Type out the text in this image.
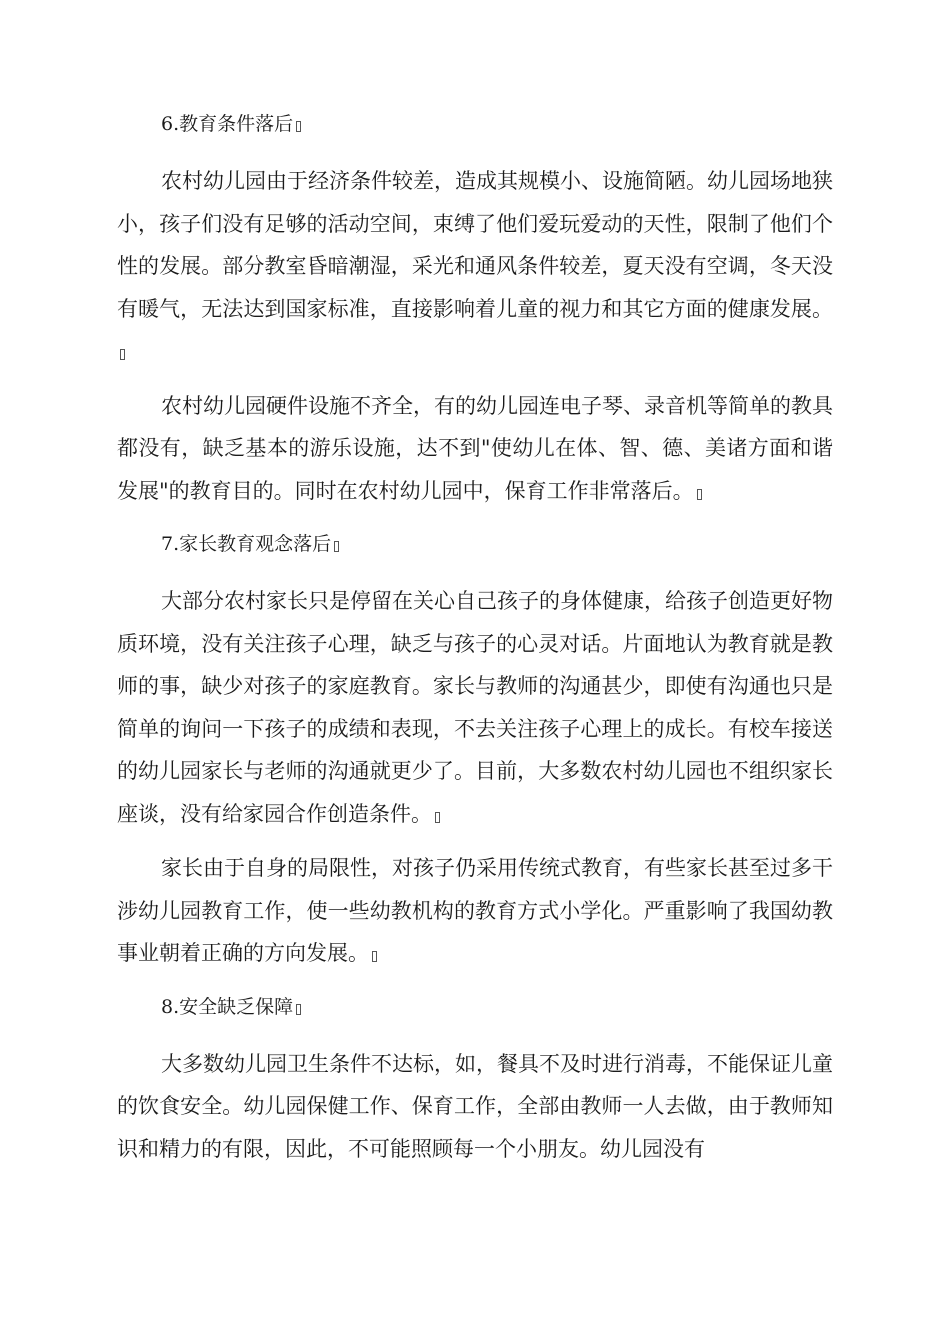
6.教育条件落后

农村幼儿园由于经济条件较差，造成其规模小、设施简陋。幼儿园场地狭小，孩子们没有足够的活动空间，束缚了他们爱玩爱动的天性，限制了他们个性的发展。部分教室昏暗潮湿，采光和通风条件较差，夏天没有空调，冬天没有暖气，无法达到国家标准，直接影响着儿童的视力和其它方面的健康发展。

农村幼儿园硬件设施不齐全，有的幼儿园连电子琴、录音机等简单的教具都没有，缺乏基本的游乐设施，达不到"使幼儿在体、智、德、美诸方面和谐发展"的教育目的。同时在农村幼儿园中，保育工作非常落后。

7.家长教育观念落后

大部分农村家长只是停留在关心自己孩子的身体健康，给孩子创造更好物质环境，没有关注孩子心理，缺乏与孩子的心灵对话。片面地认为教育就是教师的事，缺少对孩子的家庭教育。家长与教师的沟通甚少，即使有沟通也只是简单的询问一下孩子的成绩和表现，不去关注孩子心理上的成长。有校车接送的幼儿园家长与老师的沟通就更少了。目前，大多数农村幼儿园也不组织家长座谈，没有给家园合作创造条件。

家长由于自身的局限性，对孩子仍采用传统式教育，有些家长甚至过多干涉幼儿园教育工作，使一些幼教机构的教育方式小学化。严重影响了我国幼教事业朝着正确的方向发展。

8.安全缺乏保障

大多数幼儿园卫生条件不达标，如，餐具不及时进行消毒，不能保证儿童的饮食安全。幼儿园保健工作、保育工作，全部由教师一人去做，由于教师知识和精力的有限，因此，不可能照顾每一个小朋友。幼儿园没有
